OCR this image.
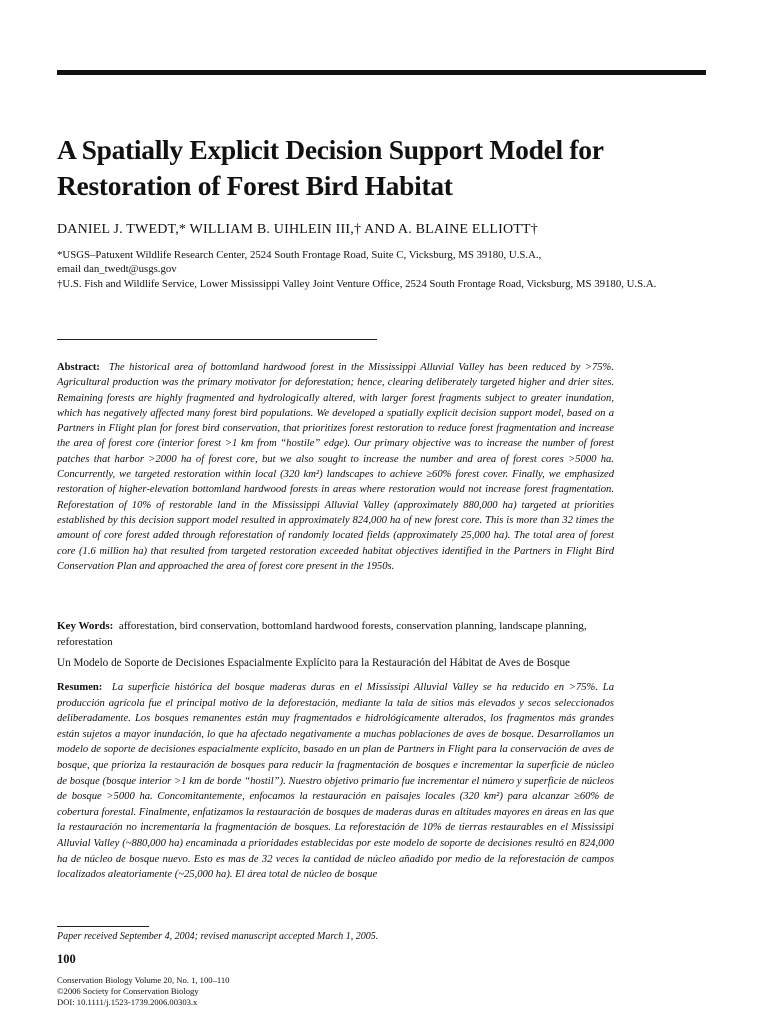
A Spatially Explicit Decision Support Model for Restoration of Forest Bird Habitat
DANIEL J. TWEDT,* WILLIAM B. UIHLEIN III,† AND A. BLAINE ELLIOTT†
*USGS–Patuxent Wildlife Research Center, 2524 South Frontage Road, Suite C, Vicksburg, MS 39180, U.S.A.,
email dan_twedt@usgs.gov
†U.S. Fish and Wildlife Service, Lower Mississippi Valley Joint Venture Office, 2524 South Frontage Road, Vicksburg, MS 39180, U.S.A.

Abstract: The historical area of bottomland hardwood forest in the Mississippi Alluvial Valley has been reduced by >75%. Agricultural production was the primary motivator for deforestation; hence, clearing deliberately targeted higher and drier sites. Remaining forests are highly fragmented and hydrologically altered, with larger forest fragments subject to greater inundation, which has negatively affected many forest bird populations. We developed a spatially explicit decision support model, based on a Partners in Flight plan for forest bird conservation, that prioritizes forest restoration to reduce forest fragmentation and increase the area of forest core (interior forest >1 km from “hostile” edge). Our primary objective was to increase the number of forest patches that harbor >2000 ha of forest core, but we also sought to increase the number and area of forest cores >5000 ha. Concurrently, we targeted restoration within local (320 km²) landscapes to achieve ≥60% forest cover. Finally, we emphasized restoration of higher-elevation bottomland hardwood forests in areas where restoration would not increase forest fragmentation. Reforestation of 10% of restorable land in the Mississippi Alluvial Valley (approximately 880,000 ha) targeted at priorities established by this decision support model resulted in approximately 824,000 ha of new forest core. This is more than 32 times the amount of core forest added through reforestation of randomly located fields (approximately 25,000 ha). The total area of forest core (1.6 million ha) that resulted from targeted restoration exceeded habitat objectives identified in the Partners in Flight Bird Conservation Plan and approached the area of forest core present in the 1950s.

Key Words: afforestation, bird conservation, bottomland hardwood forests, conservation planning, landscape planning, reforestation

Un Modelo de Soporte de Decisiones Espacialmente Explícito para la Restauración del Hábitat de Aves de Bosque

Resumen: La superficie histórica del bosque maderas duras en el Mississipi Alluvial Valley se ha reducido en >75%. La producción agrícola fue el principal motivo de la deforestación, mediante la tala de sitios más elevados y secos seleccionados deliberadamente. Los bosques remanentes están muy fragmentados e hidrológicamente alterados, los fragmentos más grandes están sujetos a mayor inundación, lo que ha afectado negativamente a muchas poblaciones de aves de bosque. Desarrollamos un modelo de soporte de decisiones espacialmente explícito, basado en un plan de Partners in Flight para la conservación de aves de bosque, que prioriza la restauración de bosques para reducir la fragmentación de bosques e incrementar la superficie de núcleo de bosque (bosque interior >1 km de borde “hostil”). Nuestro objetivo primario fue incrementar el número y superficie de núcleos de bosque >5000 ha. Concomitantemente, enfocamos la restauración en paisajes locales (320 km²) para alcanzar ≥60% de cobertura forestal. Finalmente, enfatizamos la restauración de bosques de maderas duras en altitudes mayores en áreas en las que la restauración no incrementaría la fragmentación de bosques. La reforestación de 10% de tierras restaurables en el Mississipi Alluvial Valley (~880,000 ha) encaminada a prioridades establecidas por este modelo de soporte de decisiones resultó en 824,000 ha de núcleo de bosque nuevo. Esto es mas de 32 veces la cantidad de núcleo añadido por medio de la reforestación de campos localizados aleatoriamente (~25,000 ha). El área total de núcleo de bosque

Paper received September 4, 2004; revised manuscript accepted March 1, 2005.
100
Conservation Biology Volume 20, No. 1, 100–110
©2006 Society for Conservation Biology
DOI: 10.1111/j.1523-1739.2006.00303.x
